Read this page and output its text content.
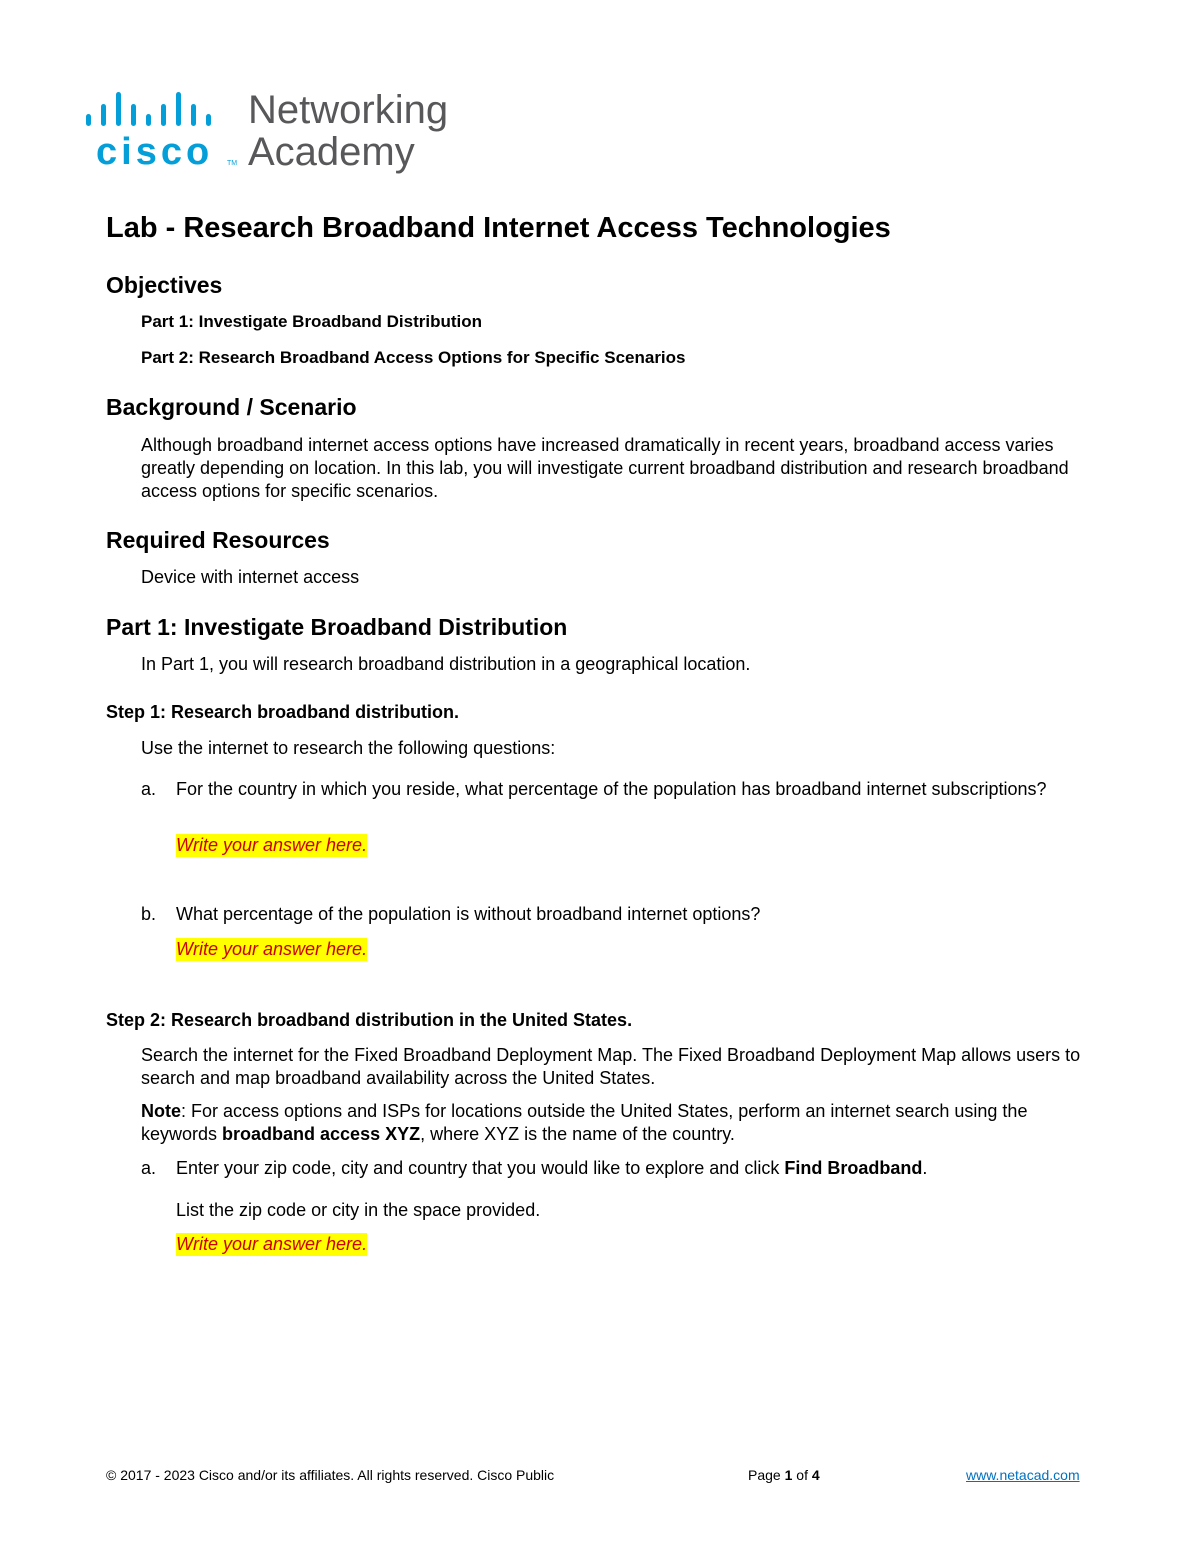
cisco TM
Networking
Academy
Lab - Research Broadband Internet Access Technologies
Objectives
Part 1: Investigate Broadband Distribution
Part 2: Research Broadband Access Options for Specific Scenarios
Background / Scenario
Although broadband internet access options have increased dramatically in recent years, broadband access varies greatly depending on location. In this lab, you will investigate current broadband distribution and research broadband access options for specific scenarios.
Required Resources
Device with internet access
Part 1: Investigate Broadband Distribution
In Part 1, you will research broadband distribution in a geographical location.
Step 1: Research broadband distribution.
Use the internet to research the following questions:
a. For the country in which you reside, what percentage of the population has broadband internet subscriptions?
Write your answer here.
b. What percentage of the population is without broadband internet options?
Write your answer here.
Step 2: Research broadband distribution in the United States.
Search the internet for the Fixed Broadband Deployment Map. The Fixed Broadband Deployment Map allows users to search and map broadband availability across the United States.
Note: For access options and ISPs for locations outside the United States, perform an internet search using the keywords broadband access XYZ, where XYZ is the name of the country.
a. Enter your zip code, city and country that you would like to explore and click Find Broadband.
List the zip code or city in the space provided.
Write your answer here.
© 2017 - 2023 Cisco and/or its affiliates. All rights reserved. Cisco Public	Page 1 of 4	www.netacad.com
